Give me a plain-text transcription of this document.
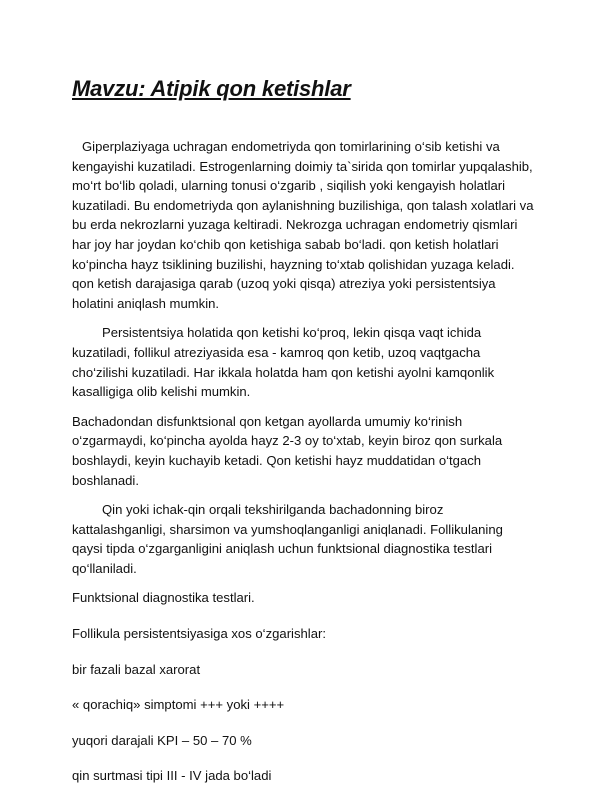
Mavzu: Atipik qon ketishlar

Giperplaziyaga uchragan endometriyda qon tomirlarining o‘sib ketishi va kengayishi kuzatiladi. Estrogenlarning doimiy ta`sirida qon tomirlar yupqalashib, mo‘rt bo‘lib qoladi, ularning tonusi o‘zgarib , siqilish yoki kengayish holatlari kuzatiladi. Bu endometriyda qon aylanishning buzilishiga, qon talash xolatlari va bu erda nekrozlarni yuzaga keltiradi. Nekrozga uchragan endometriy qismlari har joy har joydan ko‘chib qon ketishiga sabab bo‘ladi. qon ketish holatlari ko‘pincha hayz tsiklining buzilishi, hayzning to‘xtab qolishidan yuzaga keladi. qon ketish darajasiga qarab (uzoq yoki qisqa) atreziya yoki persistentsiya holatini aniqlash mumkin.

Persistentsiya holatida qon ketishi ko‘proq, lekin qisqa vaqt ichida kuzatiladi, follikul atreziyasida esa - kamroq qon ketib, uzoq vaqtgacha cho‘zilishi kuzatiladi. Har ikkala holatda ham qon ketishi ayolni kamqonlik kasalligiga olib kelishi mumkin.

Bachadondan disfunktsional qon ketgan ayollarda umumiy ko‘rinish o‘zgarmaydi, ko‘pincha ayolda hayz 2-3 oy to‘xtab, keyin biroz qon surkala boshlaydi, keyin kuchayib ketadi. Qon ketishi hayz muddatidan o‘tgach boshlanadi.

Qin yoki ichak-qin orqali tekshirilganda bachadonning biroz kattalashganligi, sharsimon va yumshoqlanganligi aniqlanadi. Follikulaning qaysi tipda o‘zgarganligini aniqlash uchun funktsional diagnostika testlari qo‘llaniladi.

Funktsional diagnostika testlari.

Follikula persistentsiyasiga xos o‘zgarishlar:

bir fazali bazal xarorat

« qorachiq» simptomi +++ yoki ++++

yuqori darajali KPI – 50 – 70 %

qin surtmasi tipi III - IV jada bo‘ladi
